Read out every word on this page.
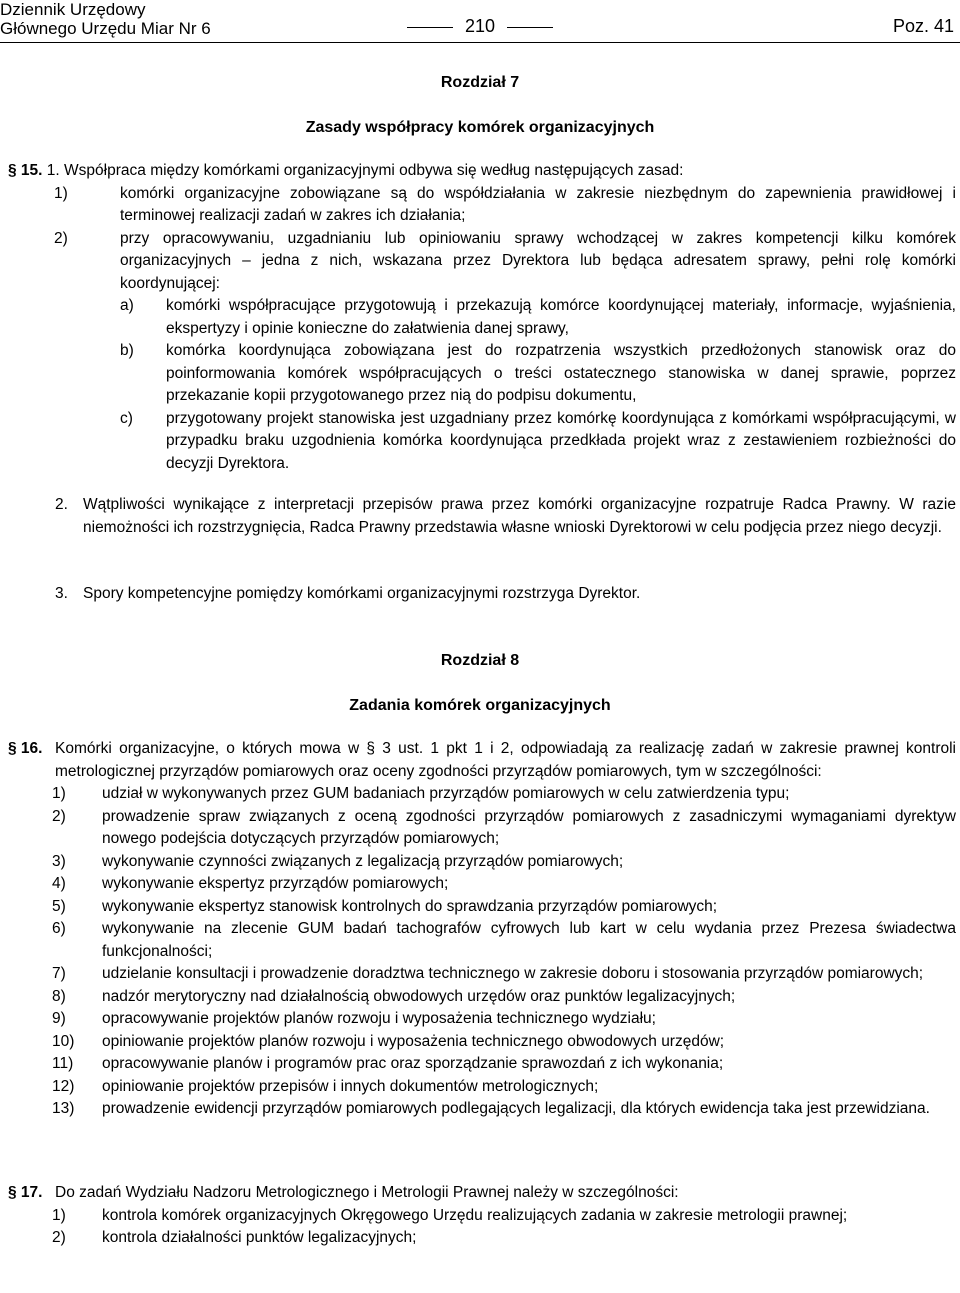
Dziennik Urzędowy
Głównego Urzędu Miar Nr 6	210	Poz. 41
Rozdział 7
Zasady współpracy komórek organizacyjnych

§ 15. 1. Współpraca między komórkami organizacyjnymi odbywa się według następujących zasad:

1)	komórki organizacyjne zobowiązane są do współdziałania w zakresie niezbędnym do zapewnienia prawidłowej i terminowej realizacji zadań w zakres ich działania;
2)	przy opracowywaniu, uzgadnianiu lub opiniowaniu sprawy wchodzącej w zakres kompetencji kilku komórek organizacyjnych – jedna z nich, wskazana przez Dyrektora lub będąca adresatem sprawy, pełni rolę komórki koordynującej:
a)	komórki współpracujące przygotowują i przekazują komórce koordynującej materiały, informacje, wyjaśnienia, ekspertyzy i opinie konieczne do załatwienia danej sprawy,
b)	komórka koordynująca zobowiązana jest do rozpatrzenia wszystkich przedłożonych stanowisk oraz do poinformowania komórek współpracujących o treści ostatecznego stanowiska w danej sprawie, poprzez przekazanie kopii przygotowanego przez nią do podpisu dokumentu,
c)	przygotowany projekt stanowiska jest uzgadniany przez komórkę koordynująca z komórkami współpracującymi, w przypadku braku uzgodnienia komórka koordynująca przedkłada projekt wraz z zestawieniem rozbieżności do decyzji Dyrektora.
2. Wątpliwości wynikające z interpretacji przepisów prawa przez komórki organizacyjne rozpatruje Radca Prawny. W razie niemożności ich rozstrzygnięcia, Radca Prawny przedstawia własne wnioski Dyrektorowi w celu podjęcia przez niego decyzji.
3. Spory kompetencyjne pomiędzy komórkami organizacyjnymi rozstrzyga Dyrektor.
Rozdział 8
Zadania komórek organizacyjnych
§ 16. Komórki organizacyjne, o których mowa w § 3 ust. 1 pkt 1 i 2, odpowiadają za realizację zadań w zakresie prawnej kontroli metrologicznej przyrządów pomiarowych oraz oceny zgodności przyrządów pomiarowych, tym w szczególności:
1)	udział w wykonywanych przez GUM badaniach przyrządów pomiarowych w celu zatwierdzenia typu;
2)	prowadzenie spraw związanych z oceną zgodności przyrządów pomiarowych z zasadniczymi wymaganiami dyrektyw nowego podejścia dotyczących przyrządów pomiarowych;
3)	wykonywanie czynności związanych z legalizacją przyrządów pomiarowych;
4)	wykonywanie ekspertyz przyrządów pomiarowych;
5)	wykonywanie ekspertyz stanowisk kontrolnych do sprawdzania przyrządów pomiarowych;
6)	wykonywanie na zlecenie GUM badań tachografów cyfrowych lub kart w celu wydania przez Prezesa świadectwa funkcjonalności;
7)	udzielanie konsultacji i prowadzenie doradztwa technicznego w zakresie doboru i stosowania przyrządów pomiarowych;
8)	nadzór merytoryczny nad działalnością obwodowych urzędów oraz punktów legalizacyjnych;
9)	opracowywanie projektów planów rozwoju i wyposażenia technicznego wydziału;
10)	opiniowanie projektów planów rozwoju i wyposażenia technicznego obwodowych urzędów;
11)	opracowywanie planów i programów prac oraz sporządzanie sprawozdań z ich wykonania;
12)	opiniowanie projektów przepisów i innych dokumentów metrologicznych;
13)	prowadzenie ewidencji przyrządów pomiarowych podlegających legalizacji, dla których ewidencja taka jest przewidziana.
§ 17. Do zadań Wydziału Nadzoru Metrologicznego i Metrologii Prawnej należy w szczególności:
1)	kontrola komórek organizacyjnych Okręgowego Urzędu realizujących zadania w zakresie metrologii prawnej;
2)	kontrola działalności punktów legalizacyjnych;
